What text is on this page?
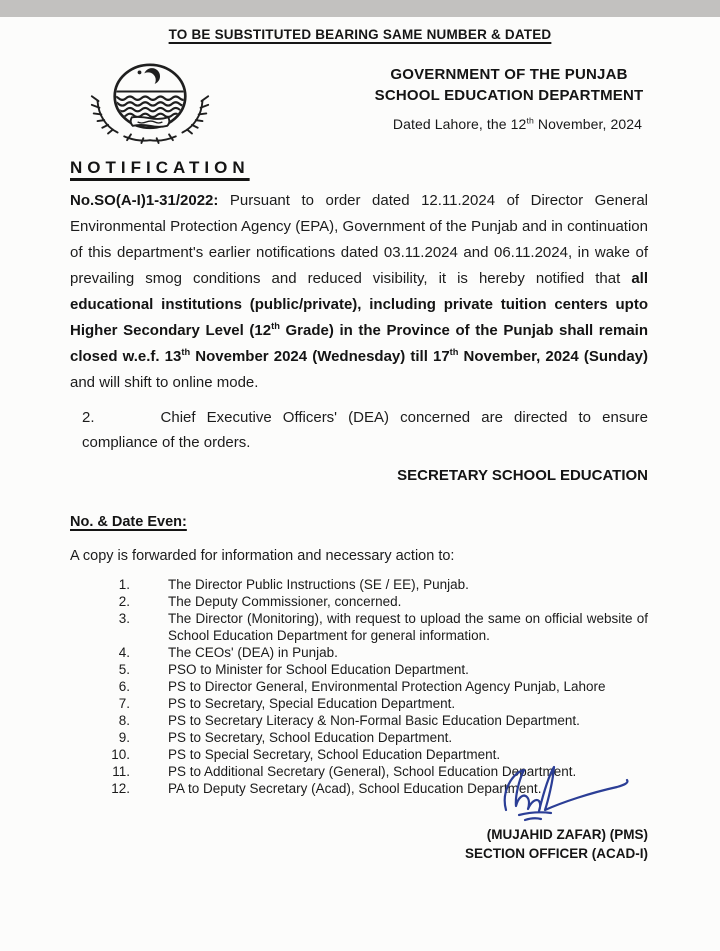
TO BE SUBSTITUTED BEARING SAME NUMBER & DATED
GOVERNMENT OF THE PUNJAB
SCHOOL EDUCATION DEPARTMENT
Dated Lahore, the 12th November, 2024
NOTIFICATION

No.SO(A-I)1-31/2022: Pursuant to order dated 12.11.2024 of Director General Environmental Protection Agency (EPA), Government of the Punjab and in continuation of this department's earlier notifications dated 03.11.2024 and 06.11.2024, in wake of prevailing smog conditions and reduced visibility, it is hereby notified that all educational institutions (public/private), including private tuition centers upto Higher Secondary Level (12th Grade) in the Province of the Punjab shall remain closed w.e.f. 13th November 2024 (Wednesday) till 17th November, 2024 (Sunday) and will shift to online mode.

2.	Chief Executive Officers' (DEA) concerned are directed to ensure compliance of the orders.

SECRETARY SCHOOL EDUCATION
No. & Date Even:
A copy is forwarded for information and necessary action to:
1.	The Director Public Instructions (SE / EE), Punjab.
2.	The Deputy Commissioner, concerned.
3.	The Director (Monitoring), with request to upload the same on official website of School Education Department for general information.
4.	The CEOs' (DEA) in Punjab.
5.	PSO to Minister for School Education Department.
6.	PS to Director General, Environmental Protection Agency Punjab, Lahore
7.	PS to Secretary, Special Education Department.
8.	PS to Secretary Literacy & Non-Formal Basic Education Department.
9.	PS to Secretary, School Education Department.
10.	PS to Special Secretary, School Education Department.
11.	PS to Additional Secretary (General), School Education Department.
12.	PA to Deputy Secretary (Acad), School Education Department.
(MUJAHID ZAFAR) (PMS)
SECTION OFFICER (ACAD-I)
